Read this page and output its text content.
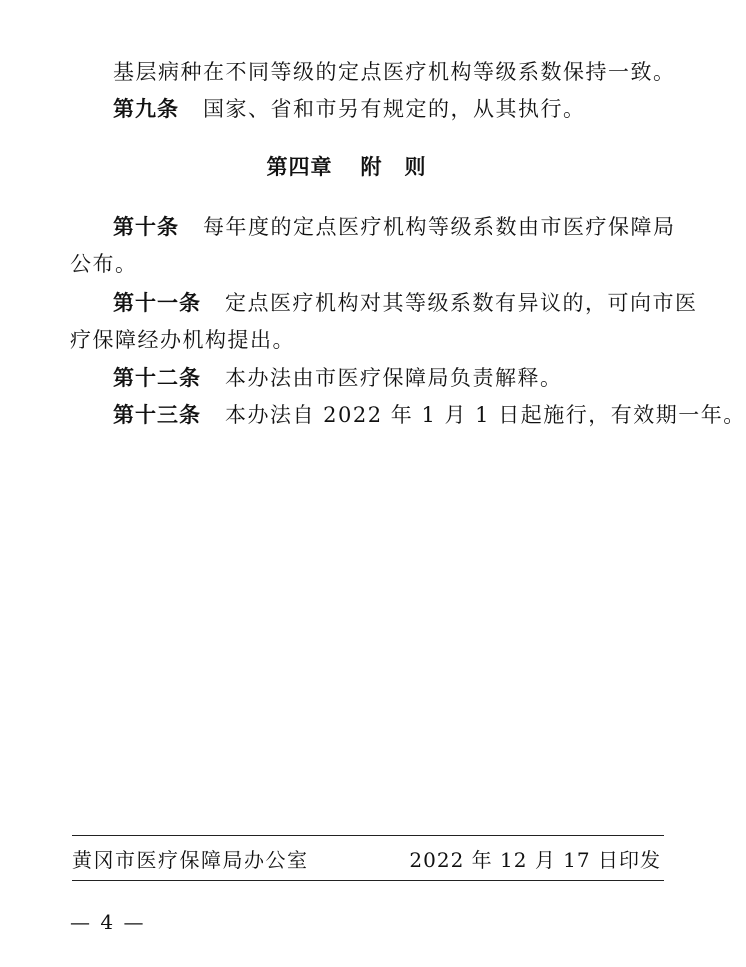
基层病种在不同等级的定点医疗机构等级系数保持一致。
第九条 国家、省和市另有规定的，从其执行。
第四章 附　则
第十条 每年度的定点医疗机构等级系数由市医疗保障局
公布。
第十一条 定点医疗机构对其等级系数有异议的，可向市医
疗保障经办机构提出。
第十二条 本办法由市医疗保障局负责解释。
第十三条 本办法自 2022 年 1 月 1 日起施行，有效期一年。
黄冈市医疗保障局办公室	2022 年 12 月 17 日印发
— 4 —
